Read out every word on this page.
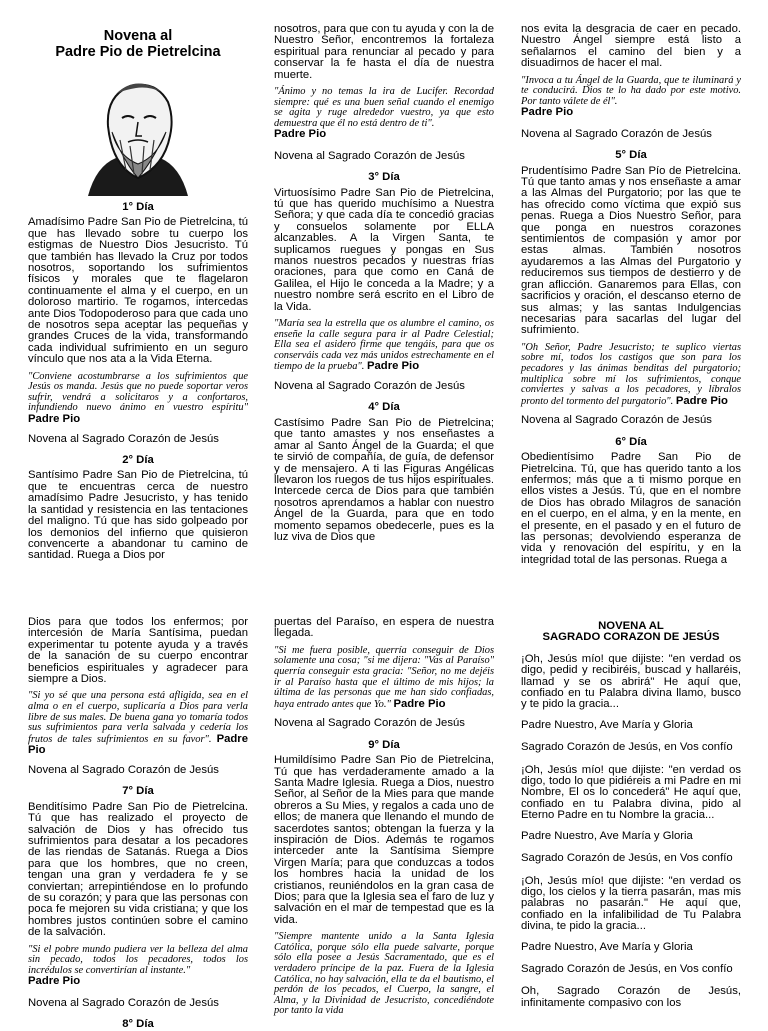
Novena al
Padre Pio de Pietrelcina
1° Día
Amadísimo Padre San Pio de Pietrelcina, tú que has llevado sobre tu cuerpo los estigmas de Nuestro Dios Jesucristo. Tú que también has llevado la Cruz por todos nosotros, soportando los sufrimientos físicos y morales que te flagelaron continuamente el alma y el cuerpo, en un doloroso martirio. Te rogamos, intercedas ante Dios Todopoderoso para que cada uno de nosotros sepa aceptar las pequeñas y grandes Cruces de la vida, transformando cada individual sufrimiento en un seguro vínculo que nos ata a la Vida Eterna.
"Conviene acostumbrarse a los sufrimientos que Jesús os manda. Jesús que no puede soportar veros sufrir, vendrá a solicitaros y a confortaros, infundiendo nuevo ánimo en vuestro espíritu" Padre Pio
Novena al Sagrado Corazón de Jesús
2° Día
Santísimo Padre San Pio de Pietrelcina, tú que te encuentras cerca de nuestro amadísimo Padre Jesucristo, y has tenido la santidad y resistencia en las tentaciones del maligno. Tú que has sido golpeado por los demonios del infierno que quisieron convencerte a abandonar tu camino de santidad. Ruega a Dios por
nosotros, para que con tu ayuda y con la de Nuestro Señor, encontremos la fortaleza espiritual para renunciar al pecado y para conservar la fe hasta el día de nuestra muerte.
"Ánimo y no temas la ira de Lucifer. Recordad siempre: qué es una buen señal cuando el enemigo se agita y ruge alrededor vuestro, ya que esto demuestra que él no está dentro de ti".
Padre Pio
Novena al Sagrado Corazón de Jesús
3° Día
Virtuosísimo Padre San Pio de Pietrelcina, tú que has querido muchísimo a Nuestra Señora; y que cada día te concedió gracias y consuelos solamente por ELLA alcanzables. A la Virgen Santa, te suplicamos ruegues y pongas en Sus manos nuestros pecados y nuestras frías oraciones, para que como en Caná de Galilea, el Hijo le conceda a la Madre; y a nuestro nombre será escrito en el Libro de la Vida.
"María sea la estrella que os alumbre el camino, os enseñe la calle segura para ir al Padre Celestial; Ella sea el asidero firme que tengáis, para que os conserváis cada vez más unidos estrechamente en el tiempo de la prueba". Padre Pio
Novena al Sagrado Corazón de Jesús
4° Día
Castísimo Padre San Pio de Pietrelcina; que tanto amastes y nos enseñastes a amar al Santo Ángel de la Guarda; el que te sirvió de compañía, de guía, de defensor y de mensajero. A ti las Figuras Angélicas llevaron los ruegos de tus hijos espirituales. Intercede cerca de Dios para que también nosotros aprendamos a hablar con nuestro Ángel de la Guarda, para que en todo momento sepamos obedecerle, pues es la luz viva de Dios que
nos evita la desgracia de caer en pecado. Nuestro Ángel siempre está listo a señalarnos el camino del bien y a disuadirnos de hacer el mal.
"Invoca a tu Ángel de la Guarda, que te iluminará y te conducirá. Dios te lo ha dado por este motivo. Por tanto válete de él".
Padre Pio
Novena al Sagrado Corazón de Jesús
5° Día
Prudentísimo Padre San Pío de Pietrelcina. Tú que tanto amas y nos enseñaste a amar a las Almas del Purgatorio; por las que te has ofrecido como víctima que expió sus penas. Ruega a Dios Nuestro Señor, para que ponga en nuestros corazones sentimientos de compasión y amor por estas almas. También nosotros ayudaremos a las Almas del Purgatorio y reduciremos sus tiempos de destierro y de gran aflicción. Ganaremos para Ellas, con sacrificios y oración, el descanso eterno de sus almas; y las santas Indulgencias necesarias para sacarlas del lugar del sufrimiento.
"Oh Señor, Padre Jesucristo; te suplico viertas sobre mí, todos los castigos que son para los pecadores y las ánimas benditas del purgatorio; multiplica sobre mí los sufrimientos, conque conviertes y salvas a los pecadores, y líbralos pronto del tormento del purgatorio". Padre Pio
Novena al Sagrado Corazón de Jesús
6° Día
Obedientísimo Padre San Pio de Pietrelcina. Tú, que has querido tanto a los enfermos; más que a ti mismo porque en ellos vistes a Jesús. Tú, que en el nombre de Dios has obrado Milagros de sanación en el cuerpo, en el alma, y en la mente, en el presente, en el pasado y en el futuro de las personas; devolviendo esperanza de vida y renovación del espíritu, y en la integridad total de las personas. Ruega a
Dios para que todos los enfermos; por intercesión de María Santísima, puedan experimentar tu potente ayuda y a través de la sanación de su cuerpo encontrar beneficios espirituales y agradecer para siempre a Dios.
"Si yo sé que una persona está afligida, sea en el alma o en el cuerpo, suplicaría a Dios para verla libre de sus males. De buena gana yo tomaría todos sus sufrimientos para verla salvada y cedería los frutos de tales sufrimientos en su favor". Padre Pio
Novena al Sagrado Corazón de Jesús
7° Día
Benditísimo Padre San Pio de Pietrelcina. Tú que has realizado el proyecto de salvación de Dios y has ofrecido tus sufrimientos para desatar a los pecadores de las riendas de Satanás. Ruega a Dios para que los hombres, que no creen, tengan una gran y verdadera fe y se conviertan; arrepintiéndose en lo profundo de su corazón; y para que las personas con poca fe mejoren su vida cristiana; y que los hombres justos continúen sobre el camino de la salvación.
"Si el pobre mundo pudiera ver la belleza del alma sin pecado, todos los pecadores, todos los incrédulos se convertirían al instante."
Padre Pio
Novena al Sagrado Corazón de Jesús
8° Día
puertas del Paraíso, en espera de nuestra llegada.
"Si me fuera posible, querría conseguir de Dios solamente una cosa; "si me dijera: "Vas al Paraíso" querría conseguir esta gracia: "Señor, no me dejéis ir al Paraíso hasta que el último de mis hijos; la última de las personas que me han sido confiadas, haya entrado antes que Yo." Padre Pio
Novena al Sagrado Corazón de Jesús
9° Día
Humildísimo Padre San Pio de Pietrelcina, Tú que has verdaderamente amado a la Santa Madre Iglesia. Ruega a Dios, nuestro Señor, al Señor de la Mies para que mande obreros a Su Mies, y regalos a cada uno de ellos; de manera que llenando el mundo de sacerdotes santos; obtengan la fuerza y la inspiración de Dios. Además te rogamos interceder ante la Santísima Siempre Virgen María; para que conduzcas a todos los hombres hacia la unidad de los cristianos, reuniéndolos en la gran casa de Dios; para que la Iglesia sea el faro de luz y salvación en el mar de tempestad que es la vida.
"Siempre mantente unido a la Santa Iglesia Católica, porque sólo ella puede salvarte, porque sólo ella posee a Jesús Sacramentado, que es el verdadero príncipe de la paz. Fuera de la Iglesia Católica, no hay salvación, ella te da el bautismo, el perdón de los pecados, el Cuerpo, la sangre, el Alma, y la Divinidad de Jesucristo, concediéndote por tanto la vida
NOVENA AL
SAGRADO CORAZON DE JESÚS
¡Oh, Jesús mío! que dijiste: "en verdad os digo, pedid y recibiréis, buscad y hallaréis, llamad y se os abrirá" He aquí que, confiado en tu Palabra divina llamo, busco y te pido la gracia...
Padre Nuestro, Ave María y Gloria
Sagrado Corazón de Jesús, en Vos confío
¡Oh, Jesús mío! que dijiste: "en verdad os digo, todo lo que pidiéreis a mi Padre en mi Nombre, El os lo concederá" He aquí que, confiado en tu Palabra divina, pido al Eterno Padre en tu Nombre la gracia...
Padre Nuestro, Ave María y Gloria
Sagrado Corazón de Jesús, en Vos confío
¡Oh, Jesús mío! que dijiste: "en verdad os digo, los cielos y la tierra pasarán, mas mis palabras no pasarán." He aquí que, confiado en la infalibilidad de Tu Palabra divina, te pido la gracia...
Padre Nuestro, Ave María y Gloria
Sagrado Corazón de Jesús, en Vos confío
Oh, Sagrado Corazón de Jesús, infinitamente compasivo con los
